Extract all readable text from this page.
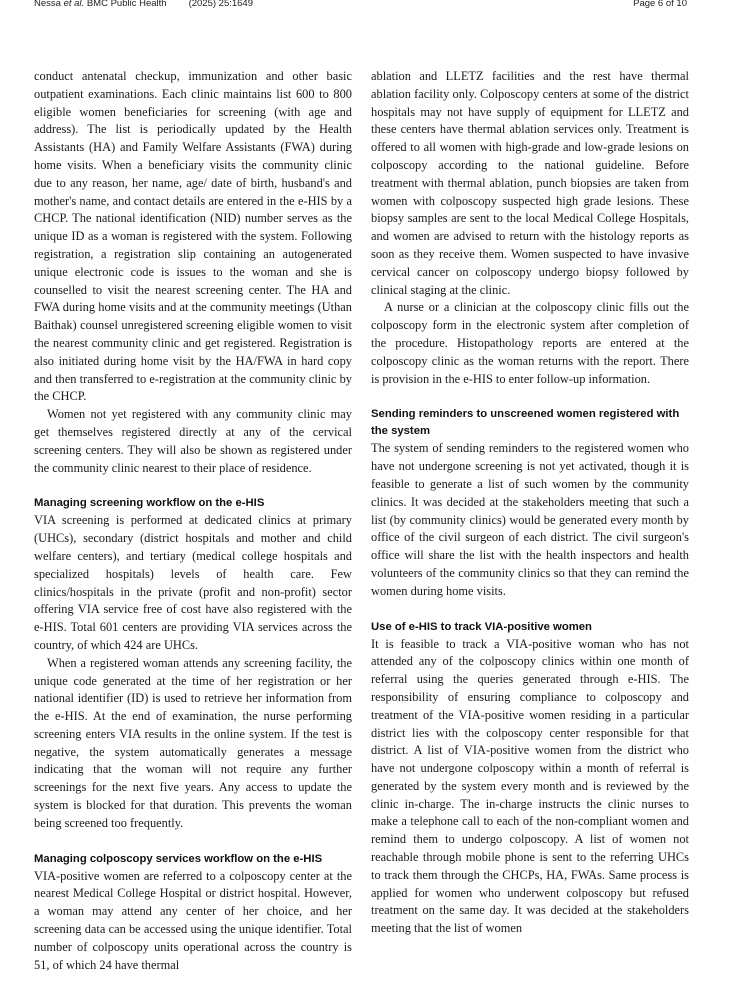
Nessa et al. BMC Public Health (2025) 25:1649	Page 6 of 10

conduct antenatal checkup, immunization and other basic outpatient examinations. Each clinic maintains list 600 to 800 eligible women beneficiaries for screening (with age and address). The list is periodically updated by the Health Assistants (HA) and Family Welfare Assistants (FWA) during home visits. When a beneficiary visits the community clinic due to any reason, her name, age/ date of birth, husband's and mother's name, and contact details are entered in the e-HIS by a CHCP. The national identification (NID) number serves as the unique ID as a woman is registered with the system. Following registration, a registration slip containing an autogenerated unique electronic code is issues to the woman and she is counselled to visit the nearest screening center. The HA and FWA during home visits and at the community meetings (Uthan Baithak) counsel unregistered screening eligible women to visit the nearest community clinic and get registered. Registration is also initiated during home visit by the HA/FWA in hard copy and then transferred to e-registration at the community clinic by the CHCP.

Women not yet registered with any community clinic may get themselves registered directly at any of the cervical screening centers. They will also be shown as registered under the community clinic nearest to their place of residence.

Managing screening workflow on the e-HIS

VIA screening is performed at dedicated clinics at primary (UHCs), secondary (district hospitals and mother and child welfare centers), and tertiary (medical college hospitals and specialized hospitals) levels of health care. Few clinics/hospitals in the private (profit and non-profit) sector offering VIA service free of cost have also registered with the e-HIS. Total 601 centers are providing VIA services across the country, of which 424 are UHCs.

When a registered woman attends any screening facility, the unique code generated at the time of her registration or her national identifier (ID) is used to retrieve her information from the e-HIS. At the end of examination, the nurse performing screening enters VIA results in the online system. If the test is negative, the system automatically generates a message indicating that the woman will not require any further screenings for the next five years. Any access to update the system is blocked for that duration. This prevents the woman being screened too frequently.

Managing colposcopy services workflow on the e-HIS

VIA-positive women are referred to a colposcopy center at the nearest Medical College Hospital or district hospital. However, a woman may attend any center of her choice, and her screening data can be accessed using the unique identifier. Total number of colposcopy units operational across the country is 51, of which 24 have thermal

ablation and LLETZ facilities and the rest have thermal ablation facility only. Colposcopy centers at some of the district hospitals may not have supply of equipment for LLETZ and these centers have thermal ablation services only. Treatment is offered to all women with high-grade and low-grade lesions on colposcopy according to the national guideline. Before treatment with thermal ablation, punch biopsies are taken from women with colposcopy suspected high grade lesions. These biopsy samples are sent to the local Medical College Hospitals, and women are advised to return with the histology reports as soon as they receive them. Women suspected to have invasive cervical cancer on colposcopy undergo biopsy followed by clinical staging at the clinic.

A nurse or a clinician at the colposcopy clinic fills out the colposcopy form in the electronic system after completion of the procedure. Histopathology reports are entered at the colposcopy clinic as the woman returns with the report. There is provision in the e-HIS to enter follow-up information.

Sending reminders to unscreened women registered with the system

The system of sending reminders to the registered women who have not undergone screening is not yet activated, though it is feasible to generate a list of such women by the community clinics. It was decided at the stakeholders meeting that such a list (by community clinics) would be generated every month by office of the civil surgeon of each district. The civil surgeon's office will share the list with the health inspectors and health volunteers of the community clinics so that they can remind the women during home visits.

Use of e-HIS to track VIA-positive women

It is feasible to track a VIA-positive woman who has not attended any of the colposcopy clinics within one month of referral using the queries generated through e-HIS. The responsibility of ensuring compliance to colposcopy and treatment of the VIA-positive women residing in a particular district lies with the colposcopy center responsible for that district. A list of VIA-positive women from the district who have not undergone colposcopy within a month of referral is generated by the system every month and is reviewed by the clinic in-charge. The in-charge instructs the clinic nurses to make a telephone call to each of the non-compliant women and remind them to undergo colposcopy. A list of women not reachable through mobile phone is sent to the referring UHCs to track them through the CHCPs, HA, FWAs. Same process is applied for women who underwent colposcopy but refused treatment on the same day. It was decided at the stakeholders meeting that the list of women
